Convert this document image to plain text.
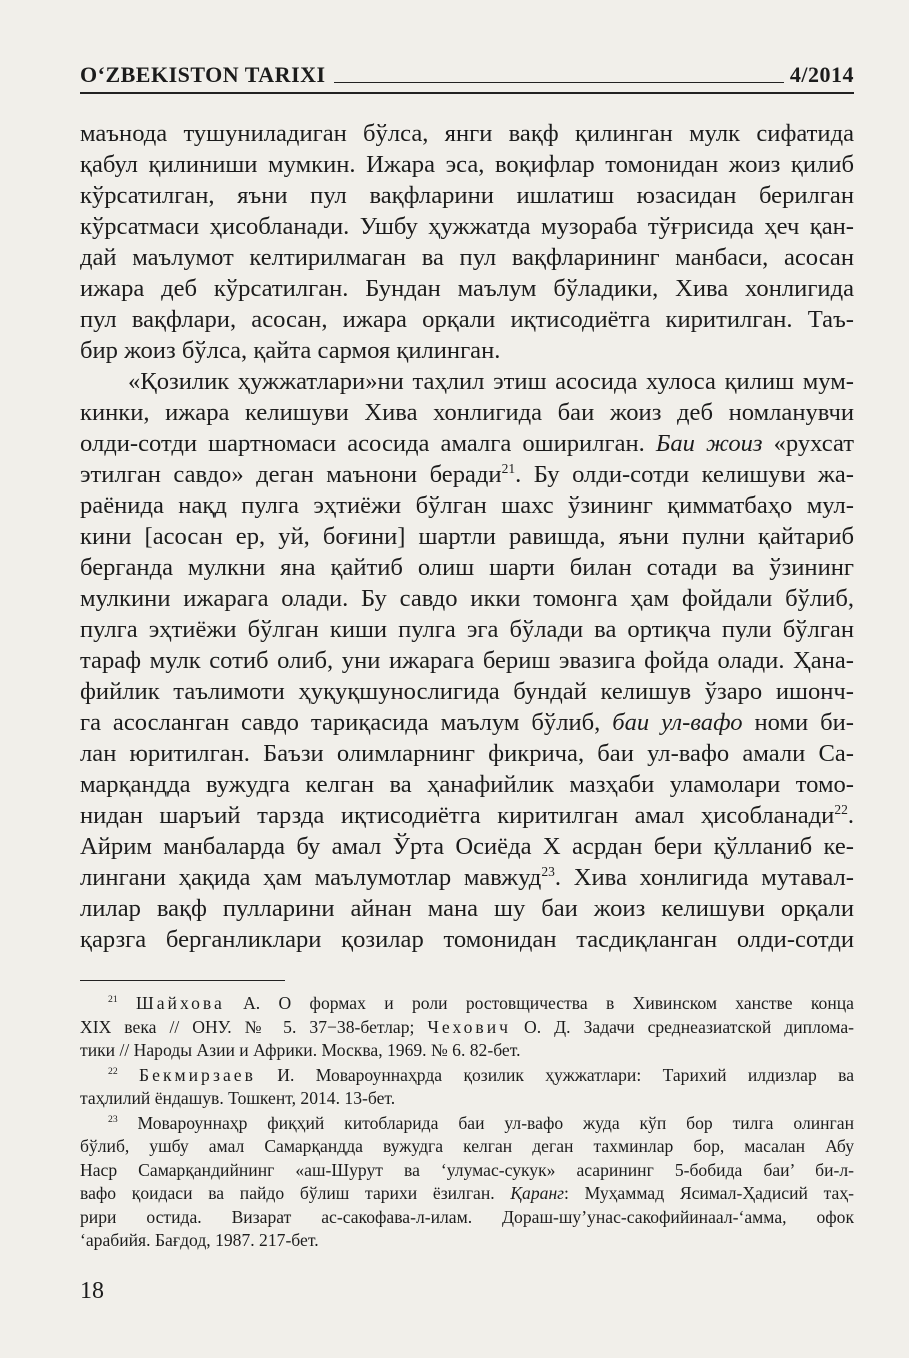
O‘ZBEKISTON TARIXI	4/2014

маънода тушуниладиган бўлса, янги вақф қилинган мулк сифатида
қабул қилиниши мумкин. Ижара эса, воқифлар томонидан жоиз қилиб
кўрсатилган, яъни пул вақфларини ишлатиш юзасидан берилган
кўрсатмаси ҳисобланади. Ушбу ҳужжатда музораба тўғрисида ҳеч қан-
дай маълумот келтирилмаган ва пул вақфларининг манбаси, асосан
ижара деб кўрсатилган. Бундан маълум бўладики, Хива хонлигида
пул вақфлари, асосан, ижара орқали иқтисодиётга киритилган. Таъ-
бир жоиз бўлса, қайта сармоя қилинган.

«Қозилик ҳужжатлари»ни таҳлил этиш асосида хулоса қилиш мум-
кинки, ижара келишуви Хива хонлигида баи жоиз деб номланувчи
олди-сотди шартномаси асосида амалга оширилган. Баи жоиз «рухсат
этилган савдо» деган маънони беради$^{21}$. Бу олди-сотди келишуви жа-
раёнида нақд пулга эҳтиёжи бўлган шахс ўзининг қимматбаҳо мул-
кини [асосан ер, уй, боғини] шартли равишда, яъни пулни қайтариб
берганда мулкни яна қайтиб олиш шарти билан сотади ва ўзининг
мулкини ижарага олади. Бу савдо икки томонга ҳам фойдали бўлиб,
пулга эҳтиёжи бўлган киши пулга эга бўлади ва ортиқча пули бўлган
тараф мулк сотиб олиб, уни ижарага бериш эвазига фойда олади. Ҳана-
фийлик таълимоти ҳуқуқшунослигида бундай келишув ўзаро ишонч-
га асосланган савдо тариқасида маълум бўлиб, баи ул-вафо номи би-
лан юритилган. Баъзи олимларнинг фикрича, баи ул-вафо амали Са-
марқандда вужудга келган ва ҳанафийлик мазҳаби уламолари томо-
нидан шаръий тарзда иқтисодиётга киритилган амал ҳисобланади$^{22}$.
Айрим манбаларда бу амал Ўрта Осиёда X асрдан бери қўлланиб ке-
лингани ҳақида ҳам маълумотлар мавжуд$^{23}$. Хива хонлигида мутавал-
лилар вақф пулларини айнан мана шу баи жоиз келишуви орқали
қарзга берганликлари қозилар томонидан тасдиқланган олди-сотди

$^{21}$ Шайхова А. О формах и роли ростовщичества в Хивинском ханстве конца
XIX века // ОНУ. № 5. 37−38-бетлар; Чехович О. Д. Задачи среднеазиатской диплома-
тики // Народы Азии и Африки. Москва, 1969. № 6. 82-бет.
$^{22}$ Бекмирзаев И. Мовароуннаҳрда қозилик ҳужжатлари: Тарихий илдизлар ва
таҳлилий ёндашув. Тошкент, 2014. 13-бет.
$^{23}$ Мовароуннаҳр фиқҳий китобларида баи ул-вафо жуда кўп бор тилга олинган
бўлиб, ушбу амал Самарқандда вужудга келган деган тахминлар бор, масалан Абу
Наср Самарқандийнинг «аш-Шурут ва ‘улумас-сукук» асарининг 5-бобида баи’ би-л-
вафо қоидаси ва пайдо бўлиш тарихи ёзилган. Қаранг: Муҳаммад Ясимал-Ҳадисий таҳ-
рири остида. Визарат ас-сакофава-л-илам. Дораш-шу’унас-сакофийинаал-‘амма, офок
‘арабийя. Бағдод, 1987. 217-бет.
18
